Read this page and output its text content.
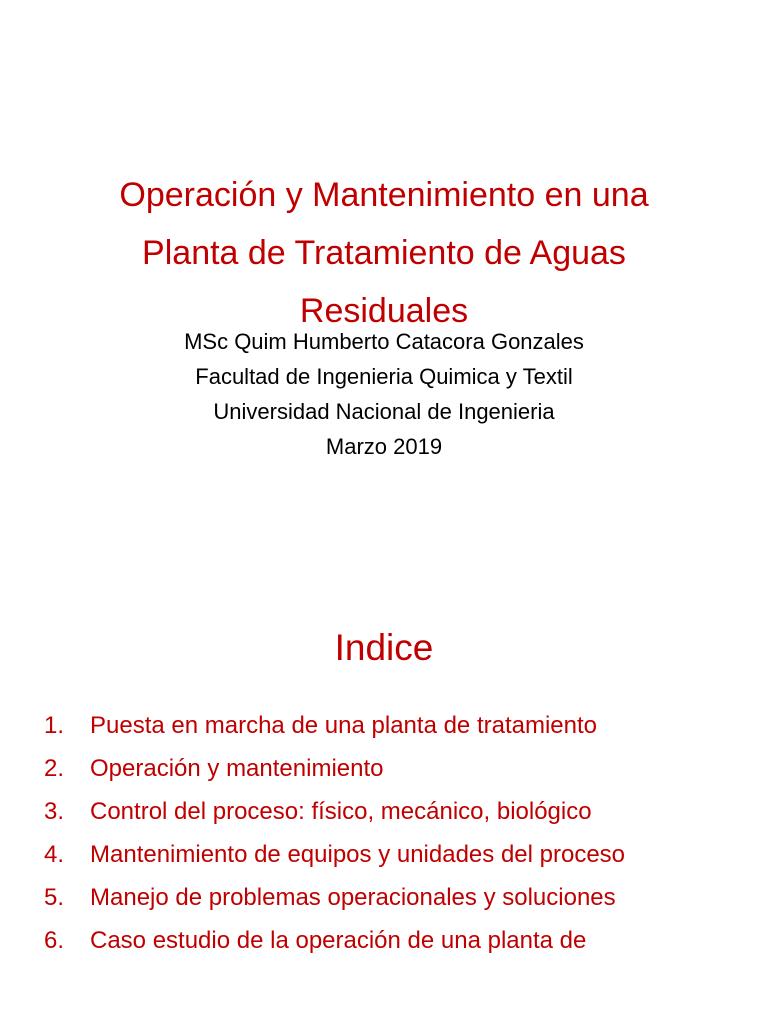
Operación y Mantenimiento en una
Planta de Tratamiento de Aguas
Residuales
MSc Quim Humberto Catacora Gonzales
Facultad de Ingenieria Quimica y Textil
Universidad Nacional de Ingenieria
Marzo 2019
Indice
1. Puesta en marcha de una planta de tratamiento
2. Operación y mantenimiento
3. Control del proceso: físico, mecánico, biológico
4. Mantenimiento de equipos y unidades del proceso
5. Manejo de problemas operacionales y soluciones
6. Caso estudio de la operación de una planta de
